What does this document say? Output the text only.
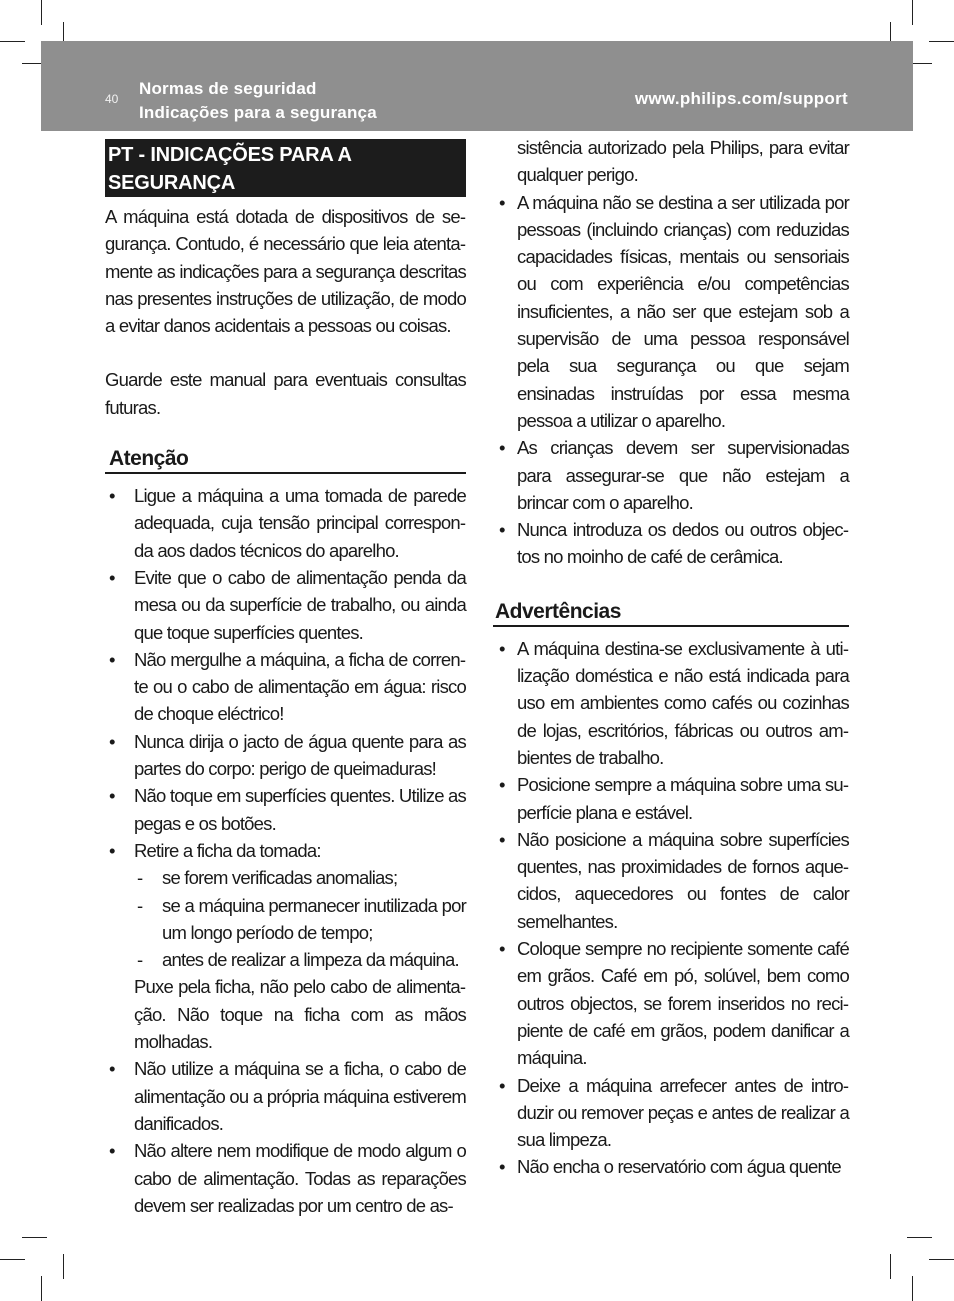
40
Normas de seguridad
Indicações para a segurança
www.philips.com/support
PT - INDICAÇÕES PARA A SEGURANÇA

A máquina está dotada de dispositivos de segurança. Contudo, é necessário que leia atentamente as indicações para a segurança descritas nas presentes instruções de utilização, de modo a evitar danos acidentais a pessoas ou coisas.

Guarde este manual para eventuais consultas futuras.

Atenção
• Ligue a máquina a uma tomada de parede adequada, cuja tensão principal corresponda aos dados técnicos do aparelho.
• Evite que o cabo de alimentação penda da mesa ou da superfície de trabalho, ou ainda que toque superfícies quentes.
• Não mergulhe a máquina, a ficha de corrente ou o cabo de alimentação em água: risco de choque eléctrico!
• Nunca dirija o jacto de água quente para as partes do corpo: perigo de queimaduras!
• Não toque em superfícies quentes. Utilize as pegas e os botões.
• Retire a ficha da tomada:
- se forem verificadas anomalias;
- se a máquina permanecer inutilizada por um longo período de tempo;
- antes de realizar a limpeza da máquina.
Puxe pela ficha, não pelo cabo de alimentação. Não toque na ficha com as mãos molhadas.
• Não utilize a máquina se a ficha, o cabo de alimentação ou a própria máquina estiverem danificados.
• Não altere nem modifique de modo algum o cabo de alimentação. Todas as reparações devem ser realizadas por um centro de as-

sistência autorizado pela Philips, para evitar qualquer perigo.

• A máquina não se destina a ser utilizada por pessoas (incluindo crianças) com reduzidas capacidades físicas, mentais ou sensoriais ou com experiência e/ou competências insuficientes, a não ser que estejam sob a supervisão de uma pessoa responsável pela sua segurança ou que sejam ensinadas instruídas por essa mesma pessoa a utilizar o aparelho.
• As crianças devem ser supervisionadas para assegurar-se que não estejam a brincar com o aparelho.
• Nunca introduza os dedos ou outros objectos no moinho de café de cerâmica.
Advertências
• A máquina destina-se exclusivamente à utilização doméstica e não está indicada para uso em ambientes como cafés ou cozinhas de lojas, escritórios, fábricas ou outros ambientes de trabalho.
• Posicione sempre a máquina sobre uma superfície plana e estável.
• Não posicione a máquina sobre superfícies quentes, nas proximidades de fornos aquecidos, aquecedores ou fontes de calor semelhantes.
• Coloque sempre no recipiente somente café em grãos. Café em pó, solúvel, bem como outros objectos, se forem inseridos no recipiente de café em grãos, podem danificar a máquina.
• Deixe a máquina arrefecer antes de introduzir ou remover peças e antes de realizar a sua limpeza.
• Não encha o reservatório com água quente
